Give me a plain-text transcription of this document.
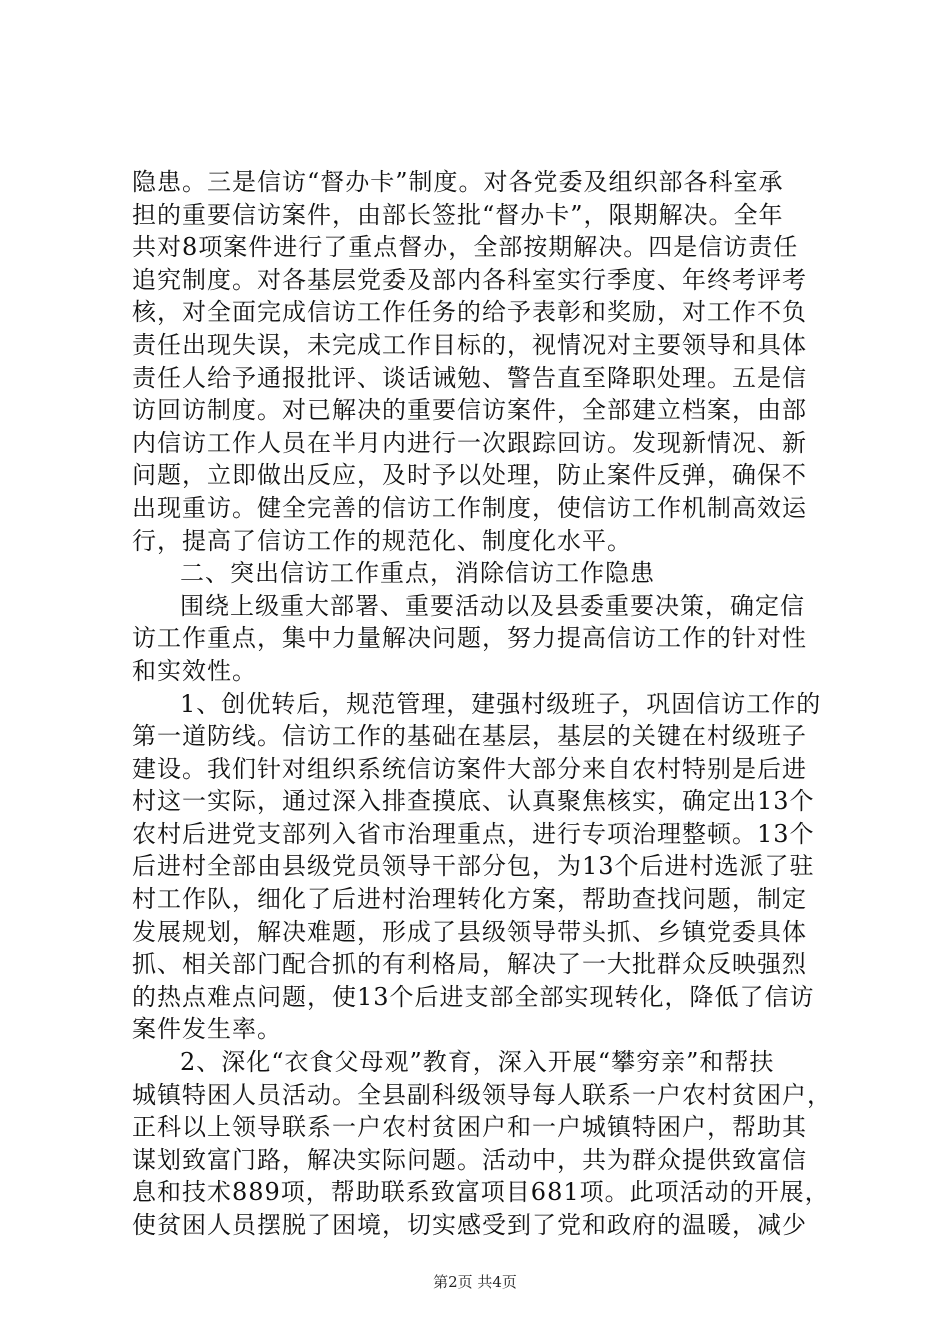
隐患。三是信访“督办卡”制度。对各党委及组织部各科室承
担的重要信访案件，由部长签批“督办卡”，限期解决。全年
共对8项案件进行了重点督办，全部按期解决。四是信访责任
追究制度。对各基层党委及部内各科室实行季度、年终考评考
核，对全面完成信访工作任务的给予表彰和奖励，对工作不负
责任出现失误，未完成工作目标的，视情况对主要领导和具体
责任人给予通报批评、谈话诫勉、警告直至降职处理。五是信
访回访制度。对已解决的重要信访案件，全部建立档案，由部
内信访工作人员在半月内进行一次跟踪回访。发现新情况、新
问题，立即做出反应，及时予以处理，防止案件反弹，确保不
出现重访。健全完善的信访工作制度，使信访工作机制高效运
行，提高了信访工作的规范化、制度化水平。
二、突出信访工作重点，消除信访工作隐患
围绕上级重大部署、重要活动以及县委重要决策，确定信
访工作重点，集中力量解决问题，努力提高信访工作的针对性
和实效性。
1、创优转后，规范管理，建强村级班子，巩固信访工作的
第一道防线。信访工作的基础在基层，基层的关键在村级班子
建设。我们针对组织系统信访案件大部分来自农村特别是后进
村这一实际，通过深入排查摸底、认真聚焦核实，确定出13个
农村后进党支部列入省市治理重点，进行专项治理整顿。13个
后进村全部由县级党员领导干部分包，为13个后进村选派了驻
村工作队，细化了后进村治理转化方案，帮助查找问题，制定
发展规划，解决难题，形成了县级领导带头抓、乡镇党委具体
抓、相关部门配合抓的有利格局，解决了一大批群众反映强烈
的热点难点问题，使13个后进支部全部实现转化，降低了信访
案件发生率。
2、深化“衣食父母观”教育，深入开展“攀穷亲”和帮扶
城镇特困人员活动。全县副科级领导每人联系一户农村贫困户，
正科以上领导联系一户农村贫困户和一户城镇特困户，帮助其
谋划致富门路，解决实际问题。活动中，共为群众提供致富信
息和技术889项，帮助联系致富项目681项。此项活动的开展，
使贫困人员摆脱了困境，切实感受到了党和政府的温暖，减少
第2页 共4页
